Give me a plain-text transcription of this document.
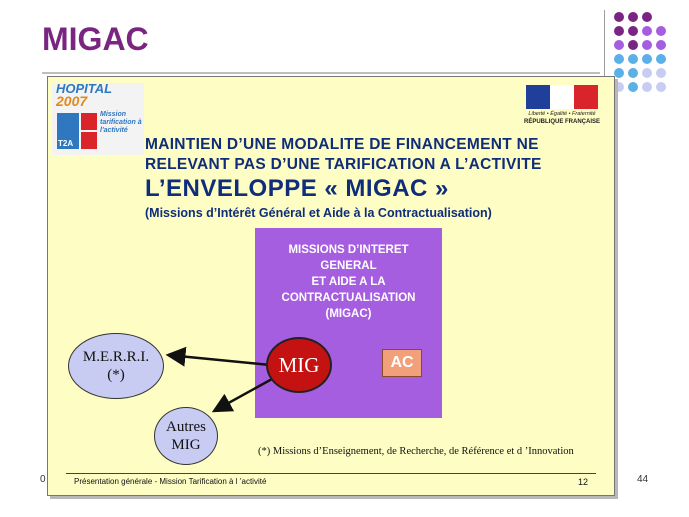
MIGAC
0	44
HOPITAL
2007
T2A
Mission tarification à l'activité
Liberté • Égalité • Fraternité
RÉPUBLIQUE FRANÇAISE
MAINTIEN D’UNE MODALITE DE FINANCEMENT NE RELEVANT PAS D’UNE TARIFICATION A L’ACTIVITE
L’ENVELOPPE « MIGAC »
(Missions d’Intérêt Général et Aide à la Contractualisation)
MISSIONS D’INTERET
GENERAL
ET AIDE A LA
CONTRACTUALISATION
(MIGAC)
MIG	AC
M.E.R.R.I.
(*)
Autres
MIG	(*) Missions d’Enseignement, de Recherche, de Référence et d ’Innovation

Présentation générale - Mission Tarification à l ’activité	12
